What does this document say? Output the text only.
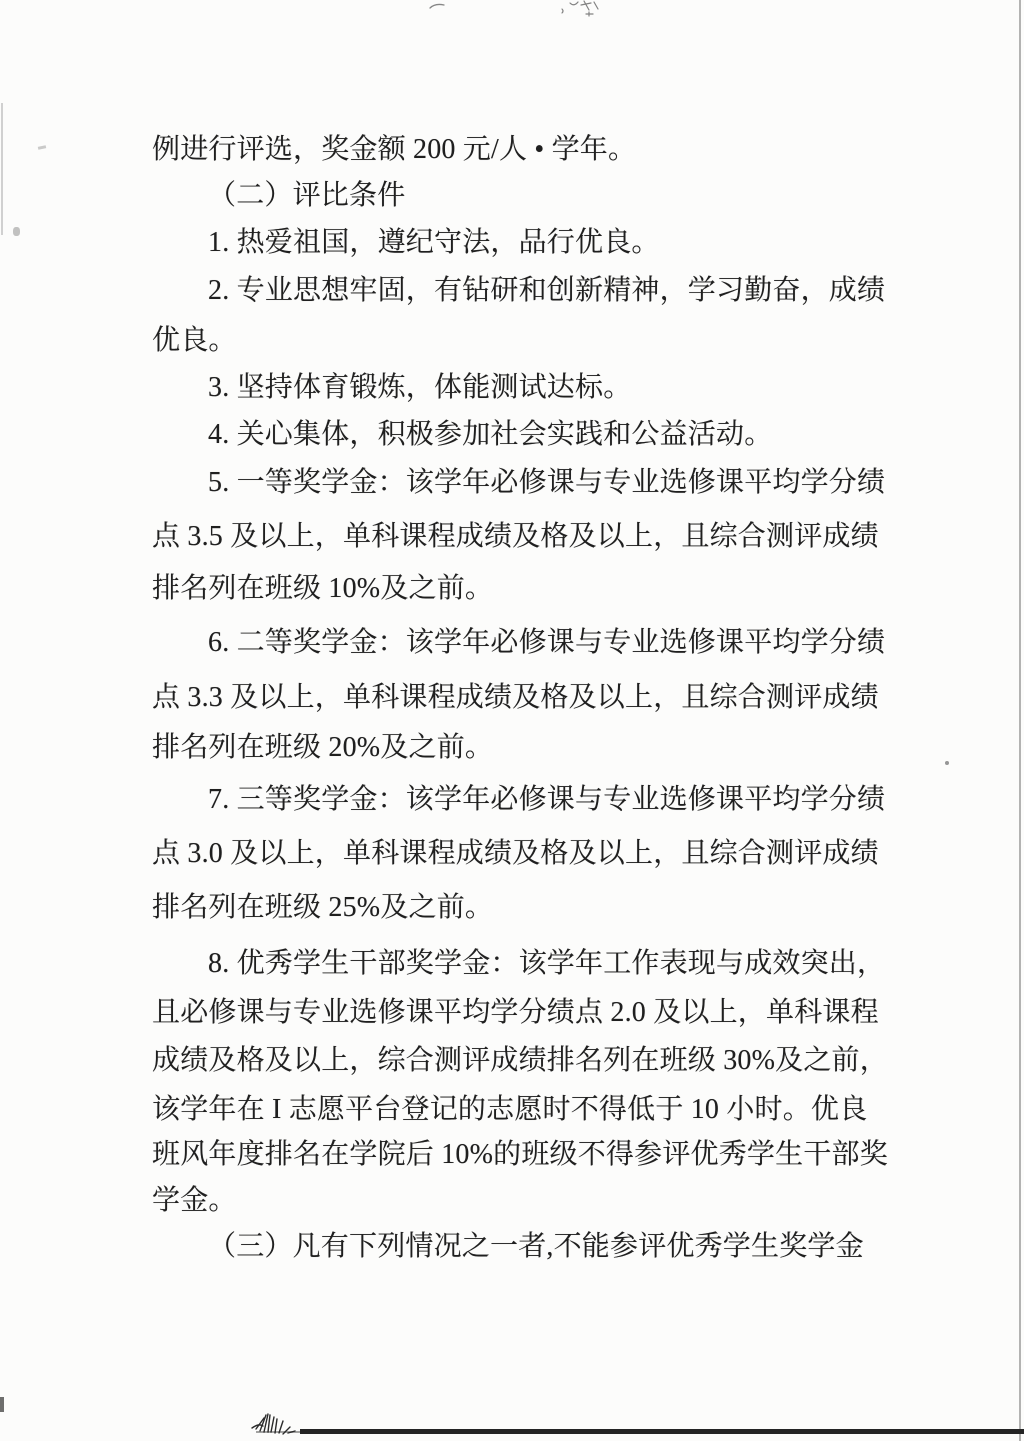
例进行评选，奖金额 200 元/人 • 学年。
（二）评比条件
1. 热爱祖国，遵纪守法，品行优良。
2. 专业思想牢固，有钻研和创新精神，学习勤奋，成绩
优良。
3. 坚持体育锻炼，体能测试达标。
4. 关心集体，积极参加社会实践和公益活动。
5. 一等奖学金：该学年必修课与专业选修课平均学分绩
点 3.5 及以上，单科课程成绩及格及以上，且综合测评成绩
排名列在班级 10%及之前。
6. 二等奖学金：该学年必修课与专业选修课平均学分绩
点 3.3 及以上，单科课程成绩及格及以上，且综合测评成绩
排名列在班级 20%及之前。
7. 三等奖学金：该学年必修课与专业选修课平均学分绩
点 3.0 及以上，单科课程成绩及格及以上，且综合测评成绩
排名列在班级 25%及之前。
8. 优秀学生干部奖学金：该学年工作表现与成效突出，
且必修课与专业选修课平均学分绩点 2.0 及以上，单科课程
成绩及格及以上，综合测评成绩排名列在班级 30%及之前，
该学年在 I 志愿平台登记的志愿时不得低于 10 小时。优良
班风年度排名在学院后 10%的班级不得参评优秀学生干部奖
学金。
（三）凡有下列情况之一者,不能参评优秀学生奖学金
